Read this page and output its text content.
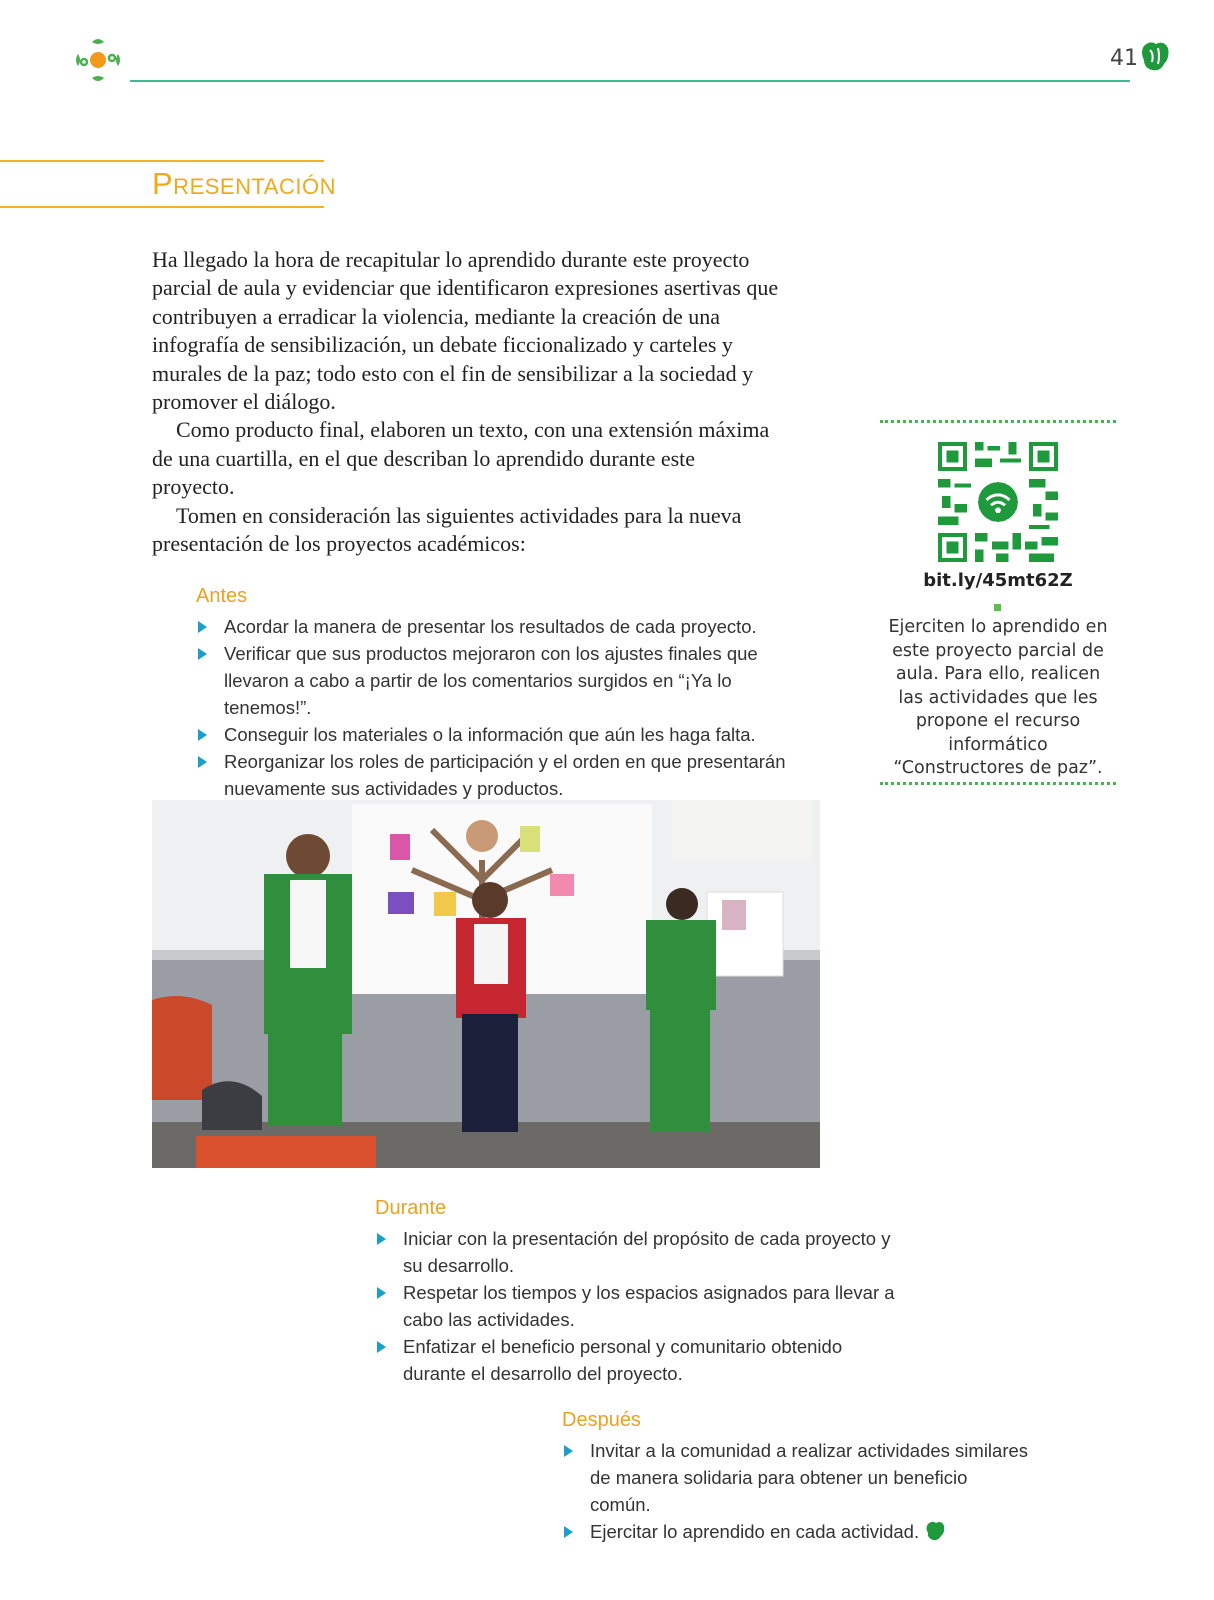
41
Presentación

Ha llegado la hora de recapitular lo aprendido durante este proyecto parcial de aula y evidenciar que identificaron expresiones asertivas que contribuyen a erradicar la violencia, mediante la creación de una infografía de sensibilización, un debate ficcionalizado y carteles y murales de la paz; todo esto con el fin de sensibilizar a la sociedad y promover el diálogo.

Como producto final, elaboren un texto, con una extensión máxima de una cuartilla, en el que describan lo aprendido durante este proyecto.

Tomen en consideración las siguientes actividades para la nueva presentación de los proyectos académicos:

Antes
Acordar la manera de presentar los resultados de cada proyecto.
Verificar que sus productos mejoraron con los ajustes finales que llevaron a cabo a partir de los comentarios surgidos en “¡Ya lo tenemos!”.
Conseguir los materiales o la información que aún les haga falta.
Reorganizar los roles de participación y el orden en que presentarán nuevamente sus actividades y productos.
bit.ly/45mt62Z
Ejerciten lo aprendido en este proyecto parcial de aula. Para ello, realicen las actividades que les propone el recurso informático “Constructores de paz”.
Durante
Iniciar con la presentación del propósito de cada proyecto y su desarrollo.
Respetar los tiempos y los espacios asignados para llevar a cabo las actividades.
Enfatizar el beneficio personal y comunitario obtenido durante el desarrollo del proyecto.
Después
Invitar a la comunidad a realizar actividades similares de manera solidaria para obtener un beneficio común.
Ejercitar lo aprendido en cada actividad.
